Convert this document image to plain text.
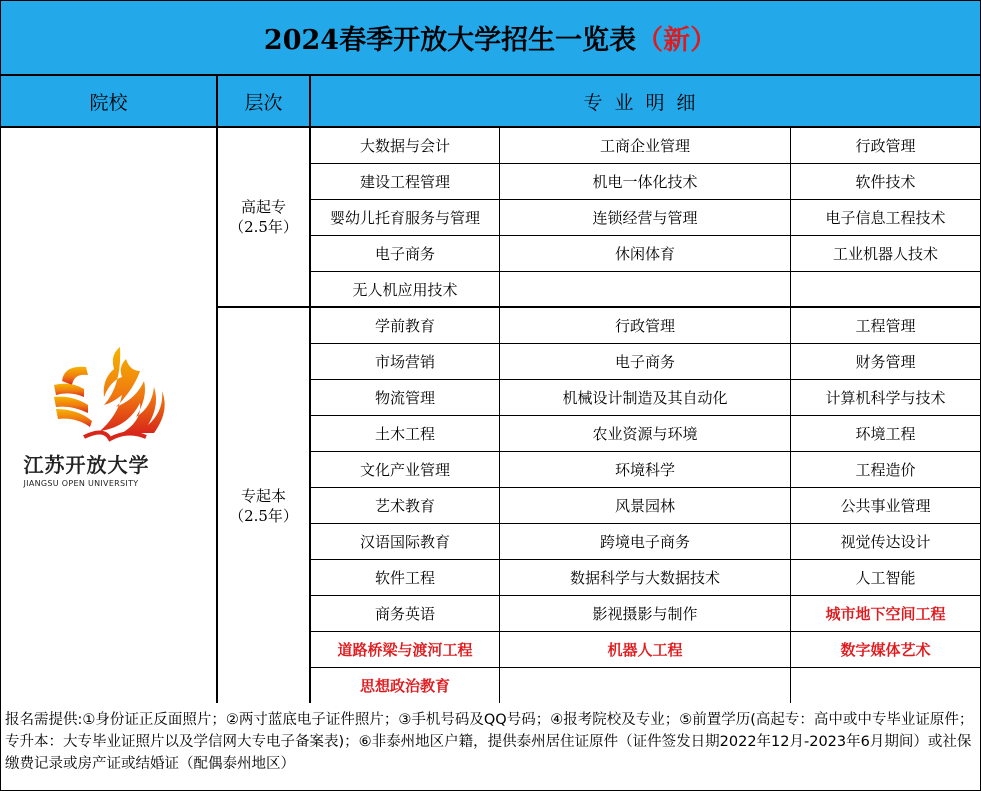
2024春季开放大学招生一览表 （新）
院校	层次	专业明细
江苏开放大学
JIANGSU OPEN UNIVERSITY
高起专
（2.5年）
专起本
（2.5年）
大数据与会计	工商企业管理	行政管理
建设工程管理	机电一体化技术	软件技术
婴幼儿托育服务与管理	连锁经营与管理	电子信息工程技术
电子商务	休闲体育	工业机器人技术
无人机应用技术
学前教育	行政管理	工程管理
市场营销	电子商务	财务管理
物流管理	机械设计制造及其自动化	计算机科学与技术
土木工程	农业资源与环境	环境工程
文化产业管理	环境科学	工程造价
艺术教育	风景园林	公共事业管理
汉语国际教育	跨境电子商务	视觉传达设计
软件工程	数据科学与大数据技术	人工智能
商务英语	影视摄影与制作	城市地下空间工程
道路桥梁与渡河工程	机器人工程	数字媒体艺术
思想政治教育
报名需提供:①身份证正反面照片；②两寸蓝底电子证件照片；③手机号码及QQ号码；④报考院校及专业；⑤前置学历(高起专：高中或中专毕业证原件；专升本：大专毕业证照片以及学信网大专电子备案表)；⑥非泰州地区户籍，提供泰州居住证原件（证件签发日期2022年12月-2023年6月期间）或社保缴费记录或房产证或结婚证（配偶泰州地区）
